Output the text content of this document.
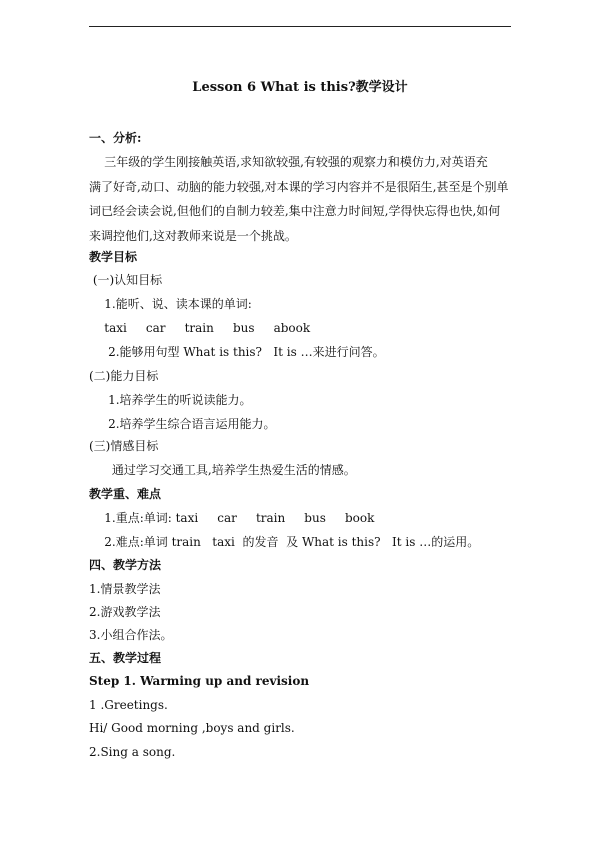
Lesson 6 What is this?教学设计
一、分析:
三年级的学生刚接触英语,求知欲较强,有较强的观察力和模仿力,对英语充
满了好奇,动口、动脑的能力较强,对本课的学习内容并不是很陌生,甚至是个别单
词已经会读会说,但他们的自制力较差,集中注意力时间短,学得快忘得也快,如何
来调控他们,这对教师来说是一个挑战。
教学目标
(一)认知目标
1.能听、说、读本课的单词:
taxi     car     train     bus     abook
2.能够用句型 What is this?   It is …来进行问答。
(二)能力目标
1.培养学生的听说读能力。
2.培养学生综合语言运用能力。
(三)情感目标
通过学习交通工具,培养学生热爱生活的情感。
教学重、难点
1.重点:单词: taxi     car     train     bus     book
2.难点:单词 train   taxi  的发音  及 What is this?   It is …的运用。
四、教学方法
1.情景教学法
2.游戏教学法
3.小组合作法。
五、教学过程
Step 1. Warming up and revision
1 .Greetings.
Hi/ Good morning ,boys and girls.
2.Sing a song.
